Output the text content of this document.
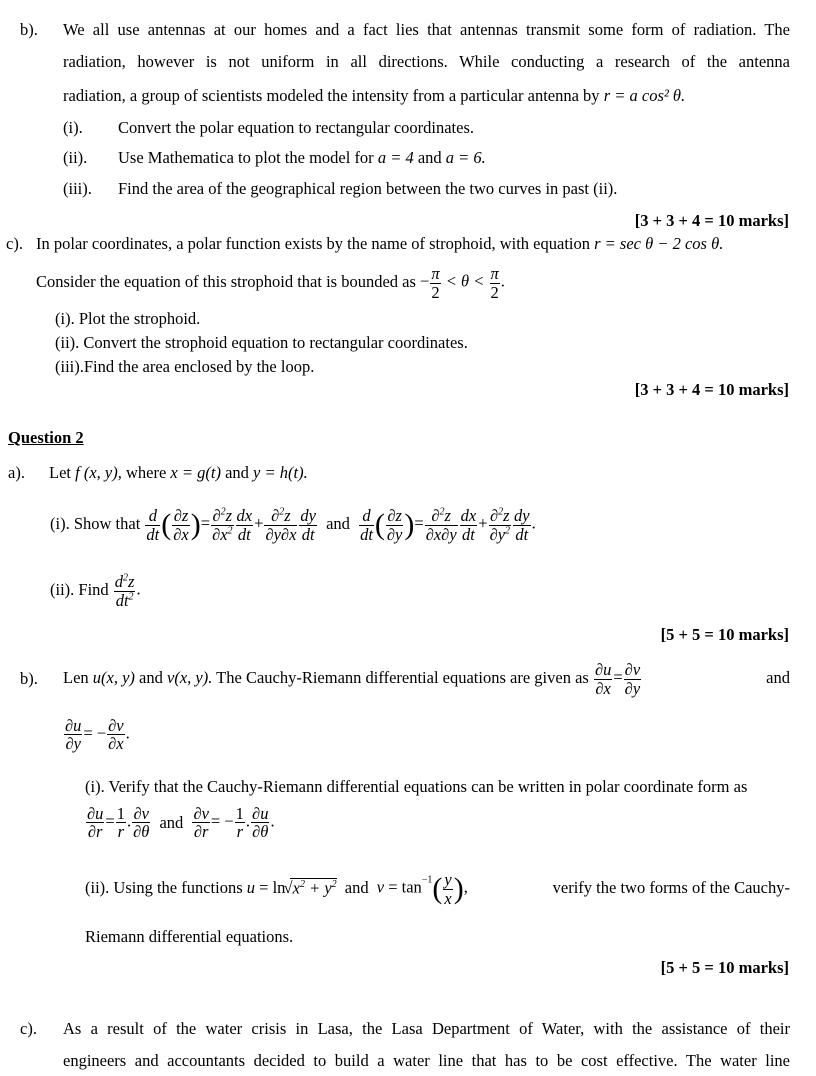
b). We all use antennas at our homes and a fact lies that antennas transmit some form of radiation. The
radiation, however is not uniform in all directions. While conducting a research of the antenna
radiation, a group of scientists modeled the intensity from a particular antenna by r = a cos² θ.
(i). Convert the polar equation to rectangular coordinates.
(ii). Use Mathematica to plot the model for a = 4 and a = 6.
(iii). Find the area of the geographical region between the two curves in past (ii).
[3 + 3 + 4 = 10 marks]
c). In polar coordinates, a polar function exists by the name of strophoid, with equation r = sec θ − 2 cos θ.
Consider the equation of this strophoid that is bounded as − $\frac{\pi}{2} < \theta < \frac{\pi}{2}$ .
(i). Plot the strophoid.
(ii). Convert the strophoid equation to rectangular coordinates.
(iii).Find the area enclosed by the loop.
[3 + 3 + 4 = 10 marks]
Question 2
a). Let f (x, y), where x = g(t) and y = h(t).
(i). Show that $\frac{d}{dt}$ ( $\frac{\partial z}{\partial x}$ )= $\frac{\partial^2z}{\partial x^2} \frac{dx}{dt} + \frac{\partial^2z}{\partial y\partial x} \frac{dy}{dt}$ and $\frac{d}{dt}$ ( $\frac{\partial z}{\partial y}$ )= $\frac{\partial^2z}{\partial x\partial y} \frac{dx}{dt} + \frac{\partial^2z}{\partial y^2} \frac{dy}{dt}$ .
(ii). Find $\frac{d^2z}{dt^2}$ .
[5 + 5 = 10 marks]
b). Len u(x, y) and v(x, y). The Cauchy-Riemann differential equations are given as $\frac{\partial u}{\partial x} = \frac{\partial v}{\partial y}$	and
$\frac{\partial u}{\partial y}$ = − $\frac{\partial v}{\partial x}$ .
(i). Verify that the Cauchy-Riemann differential equations can be written in polar coordinate form as
$\frac{\partial u}{\partial r} = \frac{1}{r}$ . $\frac{\partial v}{\partial\theta}$ and $\frac{\partial v}{\partial r}$ = − $\frac{1}{r}$ . $\frac{\partial u}{\partial\theta}$ .
(ii). Using the functions $u = \ln √x^2 + y^2$ and $v = \tan^{-1}( \frac{y}{x}$ ),	verify the two forms of the Cauchy-
Riemann differential equations.
[5 + 5 = 10 marks]
c). As a result of the water crisis in Lasa, the Lasa Department of Water, with the assistance of their
engineers and accountants decided to build a water line that has to be cost effective. The water line
